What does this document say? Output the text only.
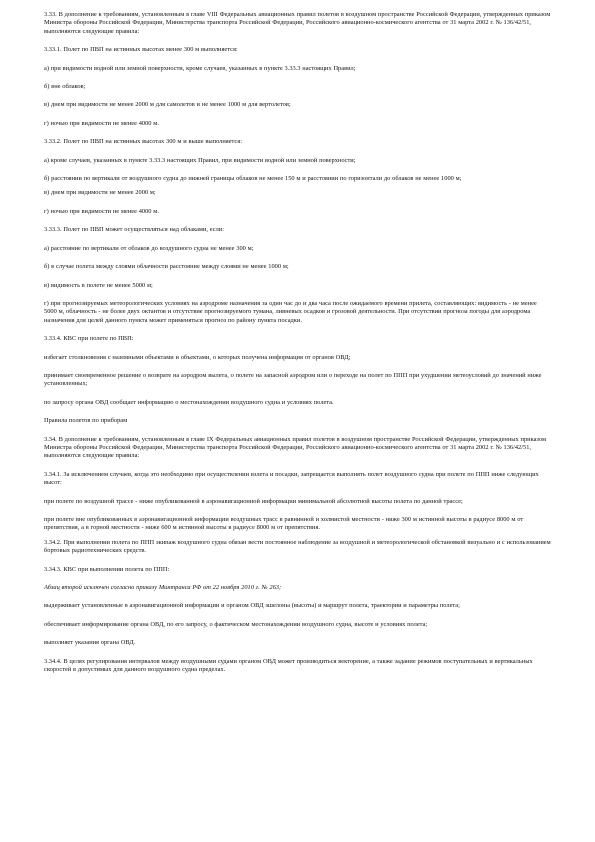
3.33. В дополнение к требованиям, установленным в главе VIII Федеральных авиационных правил полетов в воздушном пространстве Российской Федерации, утвержденных приказом Министра обороны Российской Федерации, Министерства транспорта Российской Федерации, Российского авиационно-космического агентства от 31 марта 2002 г. № 136/42/51, выполняются следующие правила:

3.33.1. Полет по ПВП на истинных высотах менее 300 м выполняется:

а) при видимости водной или земной поверхности, кроме случаев, указанных в пункте 3.33.3 настоящих Правил;

б) вне облаков;

в) днем при видимости не менее 2000 м для самолетов и не менее 1000 м для вертолетов;

г) ночью при видимости не менее 4000 м.

3.33.2. Полет по ПВП на истинных высотах 300 м и выше выполняется:

а) кроме случаев, указанных в пункте 3.33.3 настоящих Правил, при видимости водной или земной поверхности;

б) расстоянии по вертикали от воздушного судна до нижней границы облаков не менее 150 м и расстоянии по горизонтали до облаков не менее 1000 м;

в) днем при видимости не менее 2000 м;

г) ночью при видимости не менее 4000 м.

3.33.3. Полет по ПВП может осуществляться над облаками, если:

а) расстояние по вертикали от облаков до воздушного судна не менее 300 м;

б) в случае полета между слоями облачности расстояние между слоями не менее 1000 м;

в) видимость в полете не менее 5000 м;

г) при прогнозируемых метеорологических условиях на аэродроме назначения за один час до и два часа после ожидаемого времени прилета, составляющих: видимость - не менее 5000 м, облачность - не более двух октантов и отсутствие прогнозируемого тумана, ливневых осадков и грозовой деятельности. При отсутствии прогноза погоды для аэродрома назначения для целей данного пункта может применяться прогноз по району пункта посадки.

3.33.4. КВС при полете по ПВП:

избегает столкновения с наземными объектами и объектами, о которых получена информация от органов ОВД;

принимает своевременное решение о возврате на аэродром вылета, о полете на запасной аэродром или о переходе на полет по ППП при ухудшении метеоусловий до значений ниже установленных;

по запросу органа ОВД сообщает информацию о местонахождении воздушного судна и условиях полета.

Правила полетов по приборам

3.34. В дополнение к требованиям, установленным в главе IX Федеральных авиационных правил полетов в воздушном пространстве Российской Федерации, утвержденных приказом Министра обороны Российской Федерации, Министерства транспорта Российской Федерации, Российского авиационно-космического агентства от 31 марта 2002 г. № 136/42/51, выполняются следующие правила:

3.34.1. За исключением случаев, когда это необходимо при осуществлении взлета и посадки, запрещается выполнять полет воздушного судна при полете по ППП ниже следующих высот:

при полете по воздушной трассе - ниже опубликованной в аэронавигационной информации минимальной абсолютной высоты полета по данной трассе;

при полете вне опубликованных в аэронавигационной информации воздушных трасс в равнинной и холмистой местности - ниже 300 м истинной высоты в радиусе 8000 м от препятствия, а в горной местности - ниже 600 м истинной высоты в радиусе 8000 м от препятствия.

3.34.2. При выполнении полета по ППП экипаж воздушного судна обязан вести постоянное наблюдение за воздушной и метеорологической обстановкой визуально и с использованием бортовых радиотехнических средств.

3.34.3. КВС при выполнении полета по ППП:

Абзац второй исключен согласно приказу Минтранса РФ от 22 ноября 2010 г. № 263;

выдерживает установленные в аэронавигационной информации и органом ОВД эшелоны (высоты) и маршрут полета, траектории и параметры полета;

обеспечивает информирование органа ОВД, по его запросу, о фактическом местонахождении воздушного судна, высоте и условиях полета;

выполняет указания органа ОВД.

3.34.4. В целях регулирования интервалов между воздушными судами органом ОВД может производиться векторение, а также задание режимов поступательных и вертикальных скоростей в допустимых для данного воздушного судна пределах.
